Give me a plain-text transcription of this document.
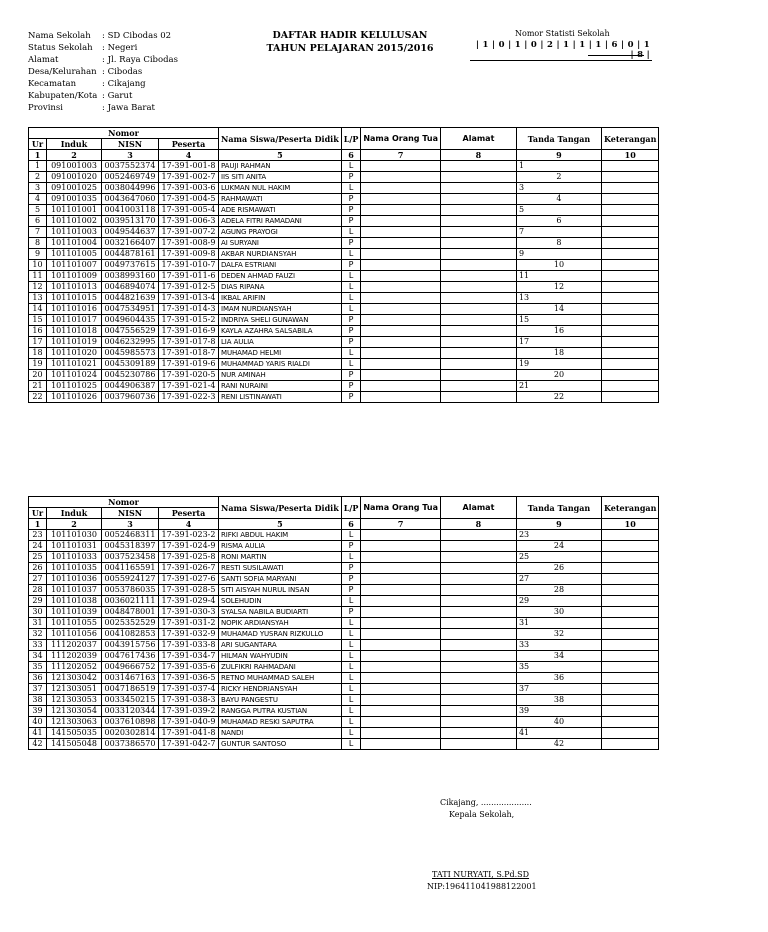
Nama Sekolah	: SD Cibodas 02
Status Sekolah	: Negeri
Alamat	: Jl. Raya Cibodas
Desa/Kelurahan : Cibodas
Kecamatan	: Cikajang
Kabupaten/Kota : Garut
Provinsi	: Jawa Barat
DAFTAR HADIR KELULUSAN
TAHUN PELAJARAN 2015/2016
Nomor Statisti Sekolah
| 1 | 0 | 1 | 0 | 2 | 1 | 1 | 1 | 6 | 0 | 1 | 8 |
Nomor				Nama Siswa/Peserta Didik	L/P	Nama Orang Tua	Alamat	Tanda Tangan	Keterangan
Ur	Induk	NISN	Peserta						
1	2	3	4	5	6	7	8	9	10
1	091001003	0037552374	17-391-001-8	PAUJI RAHMAN	L			1	
2	091001020	0052469749	17-391-002-7	IIS SITI ANITA	P			2	
3	091001025	0038044996	17-391-003-6	LUKMAN NUL HAKIM	L			3	
4	091001035	0043647060	17-391-004-5	RAHMAWATI	P			4	
5	101101001	0041003118	17-391-005-4	ADE RISMAWATI	P			5	
6	101101002	0039513170	17-391-006-3	ADELA FITRI RAMADANI	P			6	
7	101101003	0049544637	17-391-007-2	AGUNG PRAYOGI	L			7	
8	101101004	0032166407	17-391-008-9	AI SURYANI	P			8	
9	101101005	0044878161	17-391-009-8	AKBAR NURDIANSYAH	L			9	
10	101101007	0049737615	17-391-010-7	DALFA ESTRIANI	P			10	
11	101101009	0038993160	17-391-011-6	DEDEN AHMAD FAUZI	L			11	
12	101101013	0046894074	17-391-012-5	DIAS RIPANA	L			12	
13	101101015	0044821639	17-391-013-4	IKBAL ARIFIN	L			13	
14	101101016	0047534951	17-391-014-3	IMAM NURDIANSYAH	L			14	
15	101101017	0049604435	17-391-015-2	INDRIYA SHELI GUNAWAN	P			15	
16	101101018	0047556529	17-391-016-9	KAYLA AZAHRA SALSABILA	P			16	
17	101101019	0046232995	17-391-017-8	LIA AULIA	P			17	
18	101101020	0045985573	17-391-018-7	MUHAMAD HELMI	L			18	
19	101101021	0045309189	17-391-019-6	MUHAMMAD YARIS RIALDI	L			19	
20	101101024	0045230786	17-391-020-5	NUR AMINAH	P			20	
21	101101025	0044906387	17-391-021-4	RANI NURAINI	P			21	
22	101101026	0037960736	17-391-022-3	RENI LISTINAWATI	P			22	
Nomor				Nama Siswa/Peserta Didik	L/P	Nama Orang Tua	Alamat	Tanda Tangan	Keterangan
Ur	Induk	NISN	Peserta						
1	2	3	4	5	6	7	8	9	10
23	101101030	0052468311	17-391-023-2	RIFKI ABDUL HAKIM	L			23	
24	101101031	0045318397	17-391-024-9	RISMA AULIA	P			24	
25	101101033	0037523458	17-391-025-8	RONI MARTIN	L			25	
26	101101035	0041165591	17-391-026-7	RESTI SUSILAWATI	P			26	
27	101101036	0055924127	17-391-027-6	SANTI SOFIA MARYANI	P			27	
28	101101037	0053786035	17-391-028-5	SITI AISYAH NURUL INSAN	P			28	
29	101101038	0036021111	17-391-029-4	SOLEHUDIN	L			29	
30	101101039	0048478001	17-391-030-3	SYALSA NABILA BUDIARTI	P			30	
31	101101055	0025352529	17-391-031-2	NOPIK ARDIANSYAH	L			31	
32	101101056	0041082853	17-391-032-9	MUHAMAD YUSRAN RIZKULLO	L			32	
33	111202037	0043915756	17-391-033-8	ARI SUGANTARA	L			33	
34	111202039	0047617436	17-391-034-7	HILMAN WAHYUDIN	L			34	
35	111202052	0049666752	17-391-035-6	ZULFIKRI RAHMADANI	L			35	
36	121303042	0031467163	17-391-036-5	RETNO MUHAMMAD SALEH	L			36	
37	121303051	0047186519	17-391-037-4	RICKY HENDRIANSYAH	L			37	
38	121303053	0033450215	17-391-038-3	BAYU PANGESTU	L			38	
39	121303054	0033120344	17-391-039-2	RANGGA PUTRA KUSTIAN	L			39	
40	121303063	0037610898	17-391-040-9	MUHAMAD RESKI SAPUTRA	L			40	
41	141505035	0020302814	17-391-041-8	NANDI	L			41	
42	141505048	0037386570	17-391-042-7	GUNTUR SANTOSO	L			42	
Cikajang, ....................
Kepala Sekolah,
TATI NURYATI, S.Pd.SD
NIP:196411041988122001
